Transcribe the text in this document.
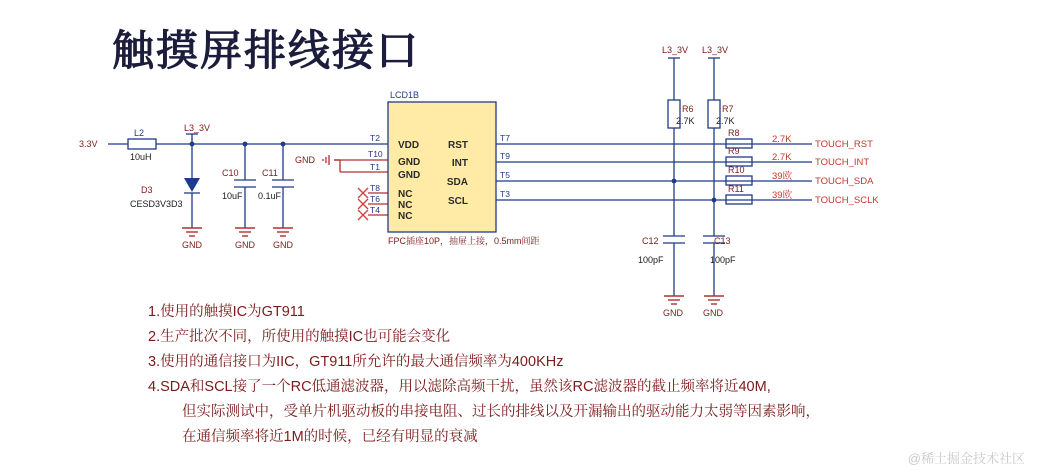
触摸屏排线接口
3.3V
L2
10uH
L3_3V
D3
CESD3V3D3
C10
10uF
C11
0.1uF
GND	GND GND
GND GND
GND
LCD1B
FPC插座10P，抽屉上接，0.5mm间距
T2
T10
T1
T8
T6
T4
VDD
GND
GND
NC
NC
NC
RST
INT
SDA
SCL
T7
T9
T5
T3
L3_3V L3_3V
R6
2.7K
R7
2.7K
R8
R9
R10
R11
2.7K
2.7K
39欧
39欧
TOUCH_RST
TOUCH_INT
TOUCH_SDA
TOUCH_SCLK
C12
100pF
C13
100pF
1.使用的触摸IC为GT911
2.生产批次不同，所使用的触摸IC也可能会变化
3.使用的通信接口为IIC，GT911所允许的最大通信频率为400KHz
4.SDA和SCL接了一个RC低通滤波器，用以滤除高频干扰，虽然该RC滤波器的截止频率将近40M,
但实际测试中，受单片机驱动板的串接电阻、过长的排线以及开漏输出的驱动能力太弱等因素影响，
在通信频率将近1M的时候，已经有明显的衰减
@稀土掘金技术社区
